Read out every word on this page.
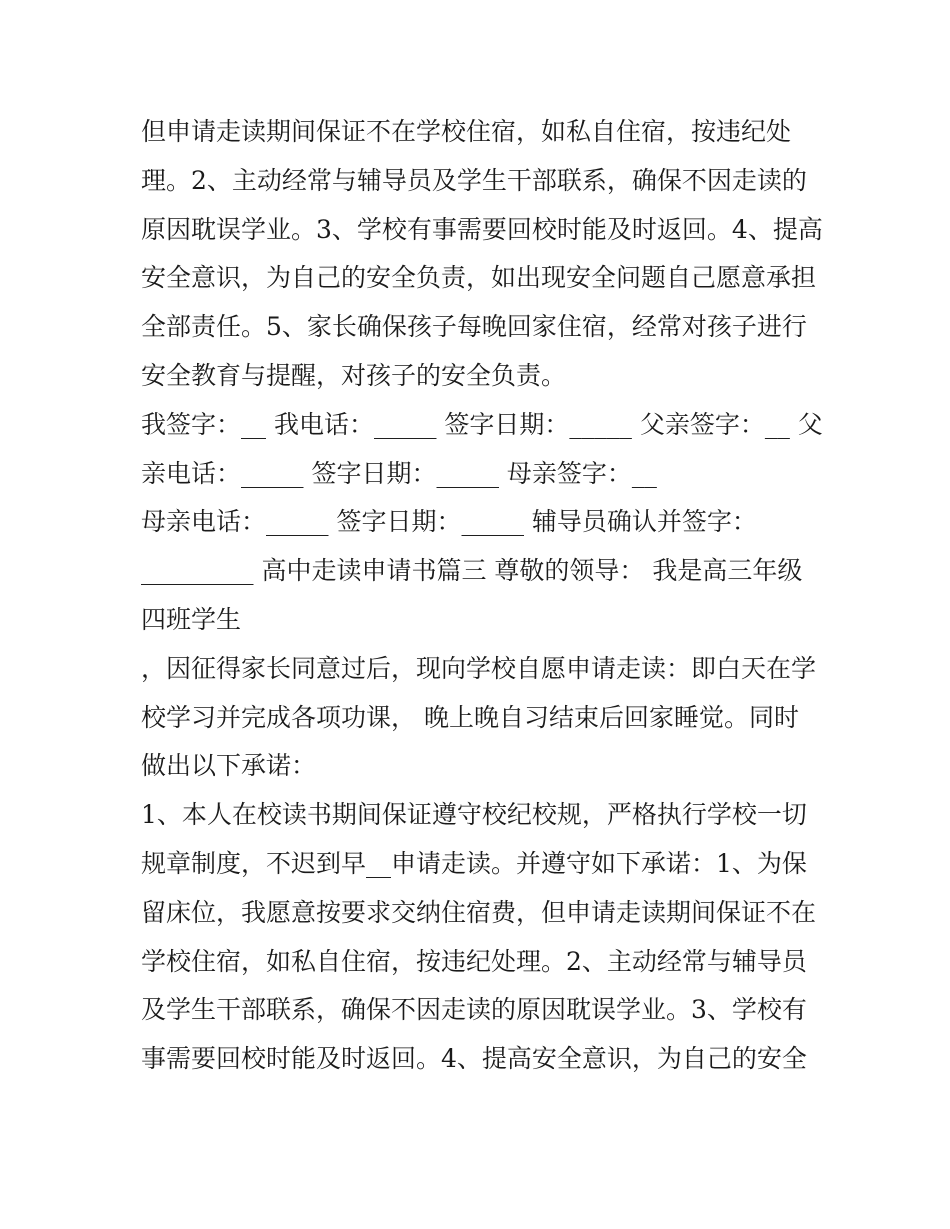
但申请走读期间保证不在学校住宿，如私自住宿，按违纪处
理。2、主动经常与辅导员及学生干部联系，确保不因走读的
原因耽误学业。3、学校有事需要回校时能及时返回。4、提高
安全意识，为自己的安全负责，如出现安全问题自己愿意承担
全部责任。5、家长确保孩子每晚回家住宿，经常对孩子进行
安全教育与提醒，对孩子的安全负责。
我签字：__ 我电话：_____ 签字日期：_____ 父亲签字：__ 父
亲电话：_____ 签字日期：_____ 母亲签字：__
母亲电话：_____ 签字日期：_____ 辅导员确认并签字：
_________ 高中走读申请书篇三 尊敬的领导： 我是高三年级
四班学生
，因征得家长同意过后，现向学校自愿申请走读：即白天在学
校学习并完成各项功课， 晚上晚自习结束后回家睡觉。同时
做出以下承诺：
1、本人在校读书期间保证遵守校纪校规，严格执行学校一切
规章制度，不迟到早__申请走读。并遵守如下承诺：1、为保
留床位，我愿意按要求交纳住宿费，但申请走读期间保证不在
学校住宿，如私自住宿，按违纪处理。2、主动经常与辅导员
及学生干部联系，确保不因走读的原因耽误学业。3、学校有
事需要回校时能及时返回。4、提高安全意识，为自己的安全
